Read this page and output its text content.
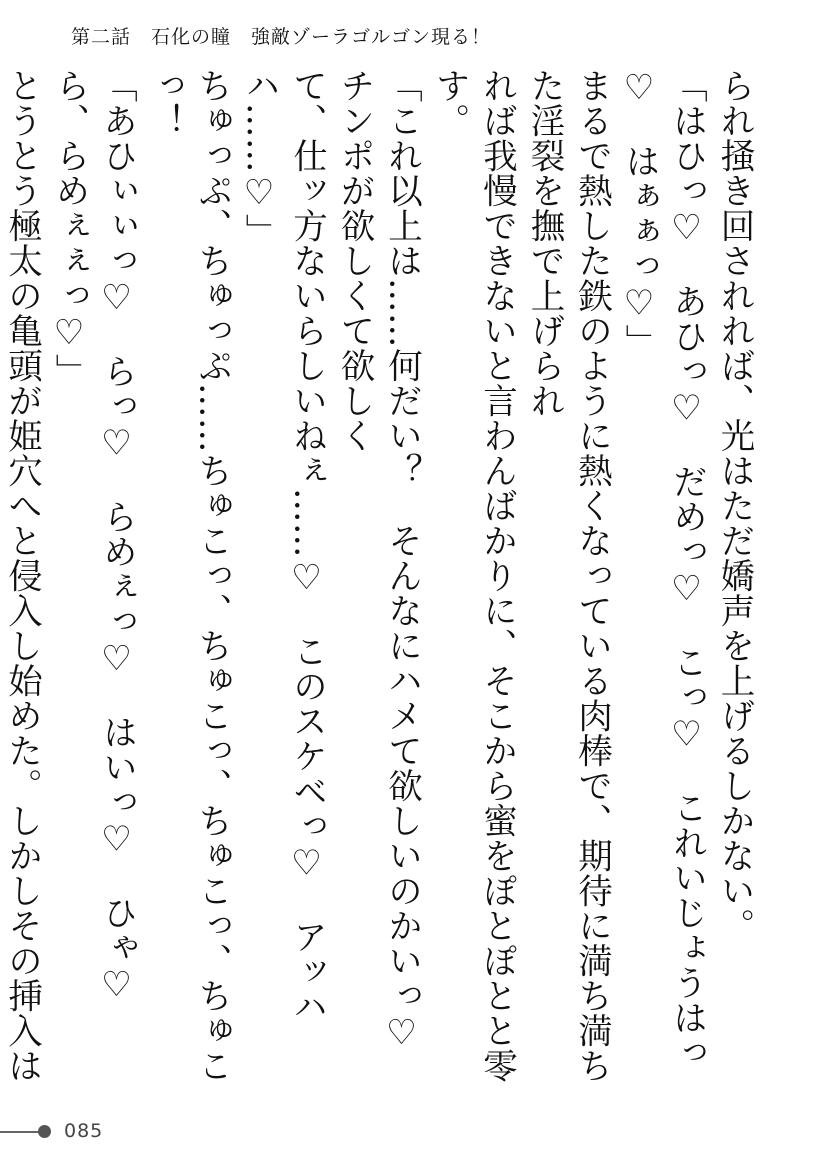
第二話　石化の瞳　強敵ゾーラゴルゴン現る！

られ掻き回されれば、光はただ嬌声を上げるしかない。

「はひっ♡　あひっ♡　だめっ♡　こっ♡　これいじょうはっ♡　はぁぁっ♡」

まるで熱した鉄のように熱くなっている肉棒で、期待に満ち満ちた淫裂を撫で上げられ

れば我慢できないと言わんばかりに、そこから蜜をぽとぽとと零す。

「これ以上は……何だい？　そんなにハメて欲しいのかいっ♡　チンポが欲しくて欲しく

て、仕ッ方ないらしいねぇ……♡　このスケベっ♡　アッハハ……♡」

ちゅっぷ、ちゅっぷ……ちゅこっ、ちゅこっ、ちゅこっ、ちゅこっ！

「あひぃぃっ♡　らっ♡　らめぇっ♡　はいっ♡　ひゃ♡　ら、らめぇぇっ♡」

とうとう極太の亀頭が姫穴へと侵入し始めた。しかしその挿入は

085
